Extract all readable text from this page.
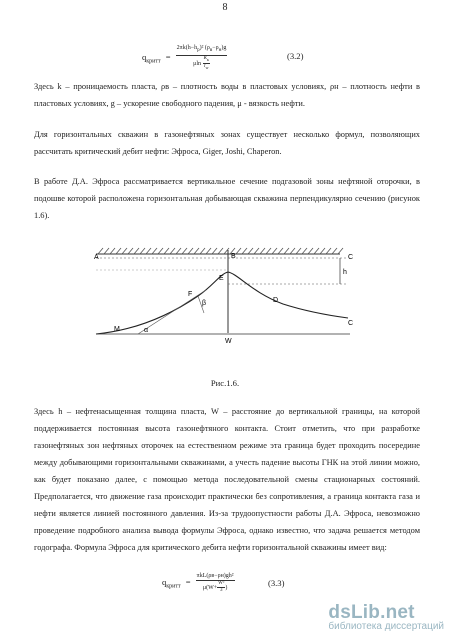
8
$q_{критт} = \frac{2\pi k(h-h_p)^2 (\rho_в-\rho_н)g}{\mu\ln \frac{R_к}{r_w}}$	(3.2)
Здесь k – проницаемость пласта, ρв – плотность воды в пластовых условиях, ρн – плотность нефти в пластовых условиях, g – ускорение свободного падения, μ - вязкость нефти.
Для горизонтальных скважин в газонефтяных зонах существует несколько формул, позволяющих рассчитать критический дебит нефти: Эфроса, Giger, Joshi, Chaperon.
В работе Д.А. Эфроса рассматривается вертикальное сечение подгазовой зоны нефтяной оторочки, в подошве которой расположена горизонтальная добывающая скважина перпендикулярно сечению (рисунок 1.6).
A	B	C
h
E
F
D
β
M	α
C
W
Рис.1.6.
Здесь h – нефтенасыщенная толщина пласта, W – расстояние до вертикальной границы, на которой поддерживается постоянная высота газонефтяного контакта. Стоит отметить, что при разработке газонефтяных зон нефтяных оторочек на естественном режиме эта граница будет проходить посередине между добывающими горизонтальными скважинами, а учесть падение высоты ГНК на этой линии можно, как будет показано далее, с помощью метода последовательной смены стационарных состояний. Предполагается, что движение газа происходит практически без сопротивления, а граница контакта газа и нефти является линией постоянного давления. Из-за трудоопустности работы Д.А. Эфроса, невозможно проведение подробного анализа вывода формулы Эфроса, однако известно, что задача решается методом годографа. Формула Эфроса для критического дебита нефти горизонтальной скважины имеет вид:
$q_{критт} = \frac{\text{πkL(ρв−ρн)gh²}}{\mu(W+ \frac{\text{W²}}{3} )}$	(3.3)
dsLib.net
библиотека диссертаций
